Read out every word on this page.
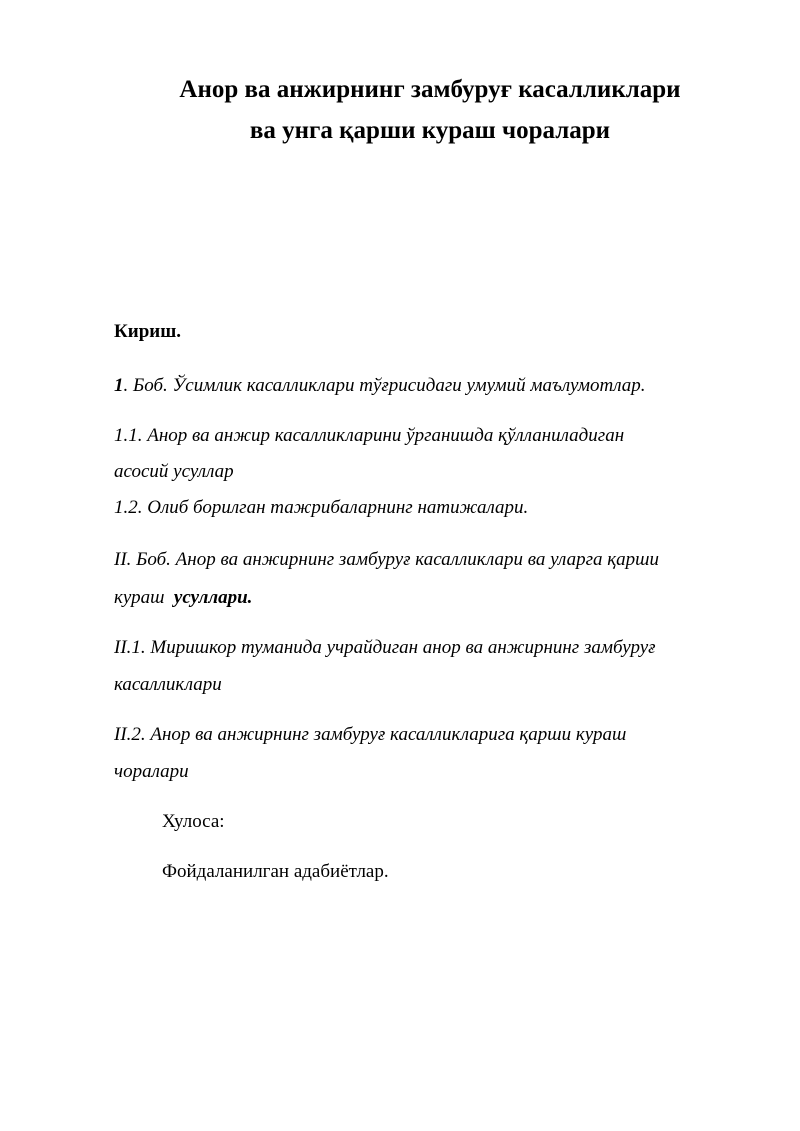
Анор ва анжирнинг замбуруғ касалликлари
ва унга қарши кураш чоралари

Кириш.

1. Боб. Ўсимлик касалликлари тўғрисидаги умумий маълумотлар.

1.1. Анор ва анжир касалликларини ўрганишда қўлланиладиган

асосий усуллар

1.2. Олиб борилган тажрибаларнинг натижалари.

II. Боб. Анор ва анжирнинг замбуруғ касалликлари ва уларга қарши

кураш  усуллари.

II.1. Миришкор туманида учрайдиган анор ва анжирнинг замбуруғ

касалликлари

II.2. Анор ва анжирнинг замбуруғ касалликларига қарши кураш

чоралари

Хулоса:

Фойдаланилган адабиётлар.
